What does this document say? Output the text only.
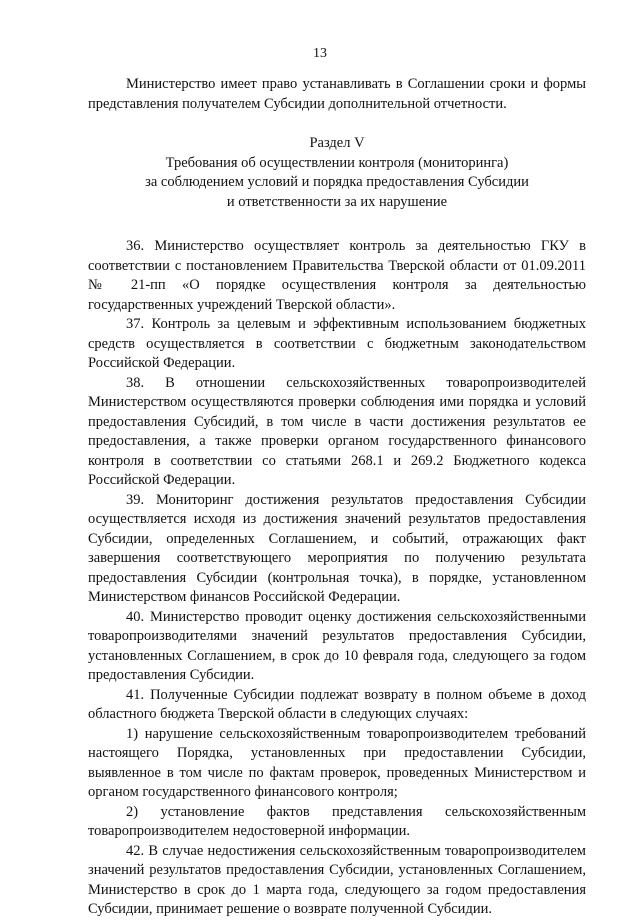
13

Министерство имеет право устанавливать в Соглашении сроки и формы представления получателем Субсидии дополнительной отчетности.

Раздел V

Требования об осуществлении контроля (мониторинга)

за соблюдением условий и порядка предоставления Субсидии

и ответственности за их нарушение

36. Министерство осуществляет контроль за деятельностью ГКУ в соответствии с постановлением Правительства Тверской области от 01.09.2011 № 21-пп «О порядке осуществления контроля за деятельностью государственных учреждений Тверской области».

37. Контроль за целевым и эффективным использованием бюджетных средств осуществляется в соответствии с бюджетным законодательством Российской Федерации.

38. В отношении сельскохозяйственных товаропроизводителей Министерством осуществляются проверки соблюдения ими порядка и условий предоставления Субсидий, в том числе в части достижения результатов ее предоставления, а также проверки органом государственного финансового контроля в соответствии со статьями 268.1 и 269.2 Бюджетного кодекса Российской Федерации.

39. Мониторинг достижения результатов предоставления Субсидии осуществляется исходя из достижения значений результатов предоставления Субсидии, определенных Соглашением, и событий, отражающих факт завершения соответствующего мероприятия по получению результата предоставления Субсидии (контрольная точка), в порядке, установленном Министерством финансов Российской Федерации.

40. Министерство проводит оценку достижения сельскохозяйственными товаропроизводителями значений результатов предоставления Субсидии, установленных Соглашением, в срок до 10 февраля года, следующего за годом предоставления Субсидии.

41. Полученные Субсидии подлежат возврату в полном объеме в доход областного бюджета Тверской области в следующих случаях:

1) нарушение сельскохозяйственным товаропроизводителем требований настоящего Порядка, установленных при предоставлении Субсидии, выявленное в том числе по фактам проверок, проведенных Министерством и органом государственного финансового контроля;

2) установление фактов представления сельскохозяйственным товаропроизводителем недостоверной информации.

42. В случае недостижения сельскохозяйственным товаропроизводителем значений результатов предоставления Субсидии, установленных Соглашением, Министерство в срок до 1 марта года, следующего за годом предоставления Субсидии, принимает решение о возврате полученной Субсидии.
